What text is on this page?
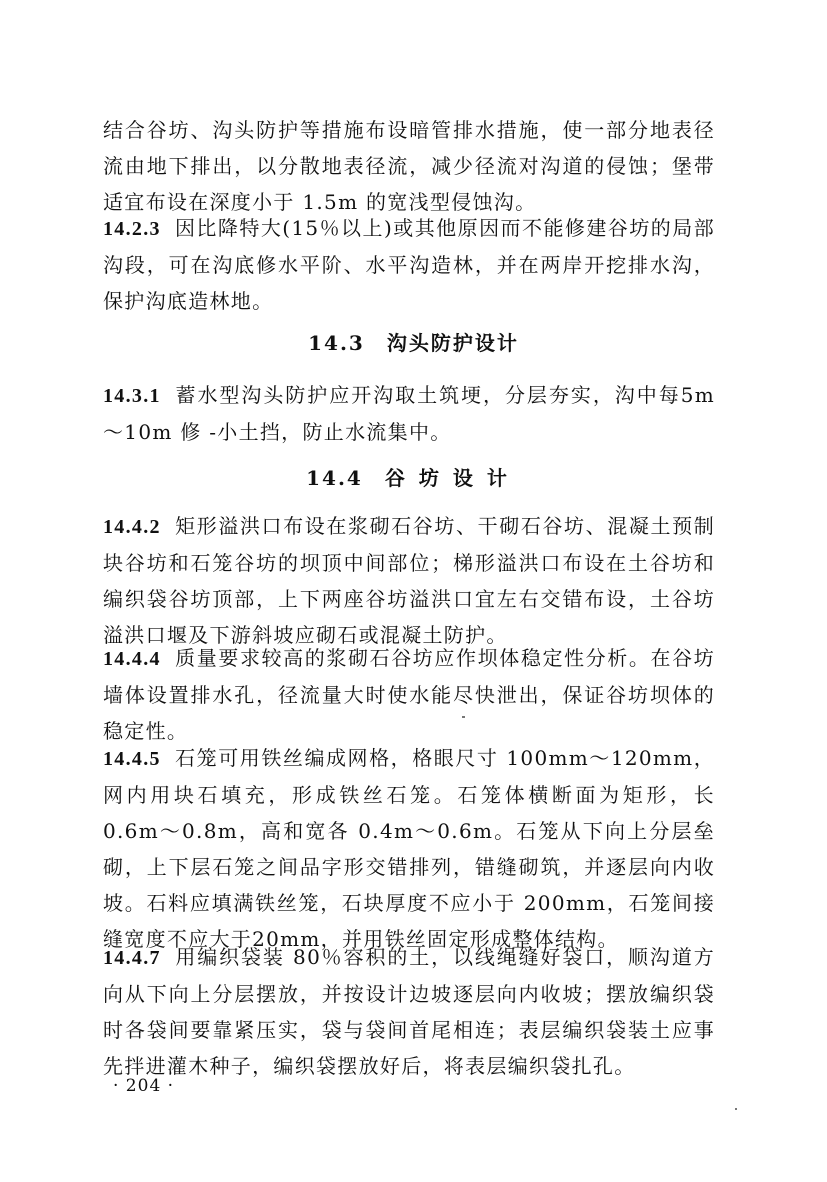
结合谷坊、沟头防护等措施布设暗管排水措施，使一部分地表径流由地下排出，以分散地表径流，减少径流对沟道的侵蚀；堡带适宜布设在深度小于 1.5m 的宽浅型侵蚀沟。

14.2.3 因比降特大(15％以上)或其他原因而不能修建谷坊的局部沟段，可在沟底修水平阶、水平沟造林，并在两岸开挖排水沟，保护沟底造林地。

14.3 沟头防护设计

14.3.1 蓄水型沟头防护应开沟取土筑埂，分层夯实，沟中每5m～10m 修 -小土挡，防止水流集中。

14.4 谷坊设计

14.4.2 矩形溢洪口布设在浆砌石谷坊、干砌石谷坊、混凝土预制块谷坊和石笼谷坊的坝顶中间部位；梯形溢洪口布设在土谷坊和编织袋谷坊顶部，上下两座谷坊溢洪口宜左右交错布设，土谷坊溢洪口堰及下游斜坡应砌石或混凝土防护。

14.4.4 质量要求较高的浆砌石谷坊应作坝体稳定性分析。在谷坊墙体设置排水孔，径流量大时使水能尽快泄出，保证谷坊坝体的稳定性。

14.4.5 石笼可用铁丝编成网格，格眼尺寸 100mm～120mm，网内用块石填充，形成铁丝石笼。石笼体横断面为矩形，长 0.6m～0.8m，高和宽各 0.4m～0.6m。石笼从下向上分层垒砌，上下层石笼之间品字形交错排列，错缝砌筑，并逐层向内收坡。石料应填满铁丝笼，石块厚度不应小于 200mm，石笼间接缝宽度不应大于20mm，并用铁丝固定形成整体结构。

14.4.7 用编织袋装 80％容积的土，以线绳缝好袋口，顺沟道方向从下向上分层摆放，并按设计边坡逐层向内收坡；摆放编织袋时各袋间要靠紧压实，袋与袋间首尾相连；表层编织袋装土应事先拌进灌木种子，编织袋摆放好后，将表层编织袋扎孔。

· 204 ·
